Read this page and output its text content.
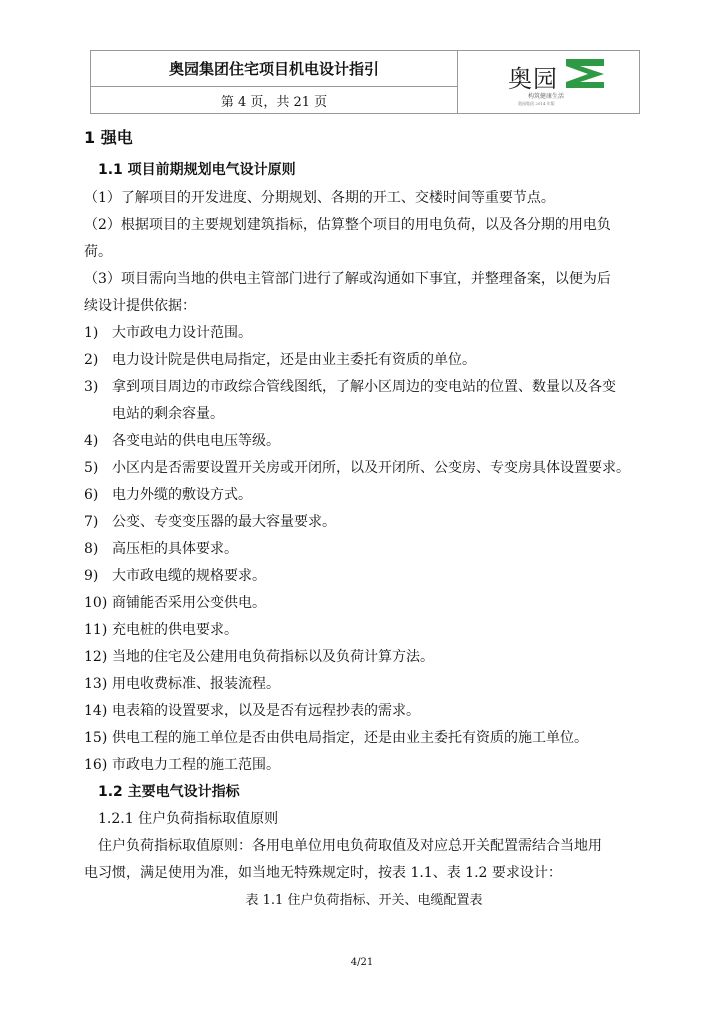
奥园集团住宅项目机电设计指引
第 4 页，共 21 页
奥园
构筑健康生活
奥园集团 2014 年版
1 强电
1.1 项目前期规划电气设计原则
（1）了解项目的开发进度、分期规划、各期的开工、交楼时间等重要节点。
（2）根据项目的主要规划建筑指标，估算整个项目的用电负荷，以及各分期的用电负
荷。
（3）项目需向当地的供电主管部门进行了解或沟通如下事宜，并整理备案，以便为后
续设计提供依据：
1) 大市政电力设计范围。
2) 电力设计院是供电局指定，还是由业主委托有资质的单位。
3) 拿到项目周边的市政综合管线图纸，了解小区周边的变电站的位置、数量以及各变
电站的剩余容量。
4) 各变电站的供电电压等级。
5) 小区内是否需要设置开关房或开闭所，以及开闭所、公变房、专变房具体设置要求。
6) 电力外缆的敷设方式。
7) 公变、专变变压器的最大容量要求。
8) 高压柜的具体要求。
9) 大市政电缆的规格要求。
10) 商铺能否采用公变供电。
11) 充电桩的供电要求。
12) 当地的住宅及公建用电负荷指标以及负荷计算方法。
13) 用电收费标准、报装流程。
14) 电表箱的设置要求，以及是否有远程抄表的需求。
15) 供电工程的施工单位是否由供电局指定，还是由业主委托有资质的施工单位。
16) 市政电力工程的施工范围。
1.2 主要电气设计指标
1.2.1 住户负荷指标取值原则
住户负荷指标取值原则：各用电单位用电负荷取值及对应总开关配置需结合当地用
电习惯，满足使用为准，如当地无特殊规定时，按表 1.1、表 1.2 要求设计：
表 1.1 住户负荷指标、开关、电缆配置表
4/21
